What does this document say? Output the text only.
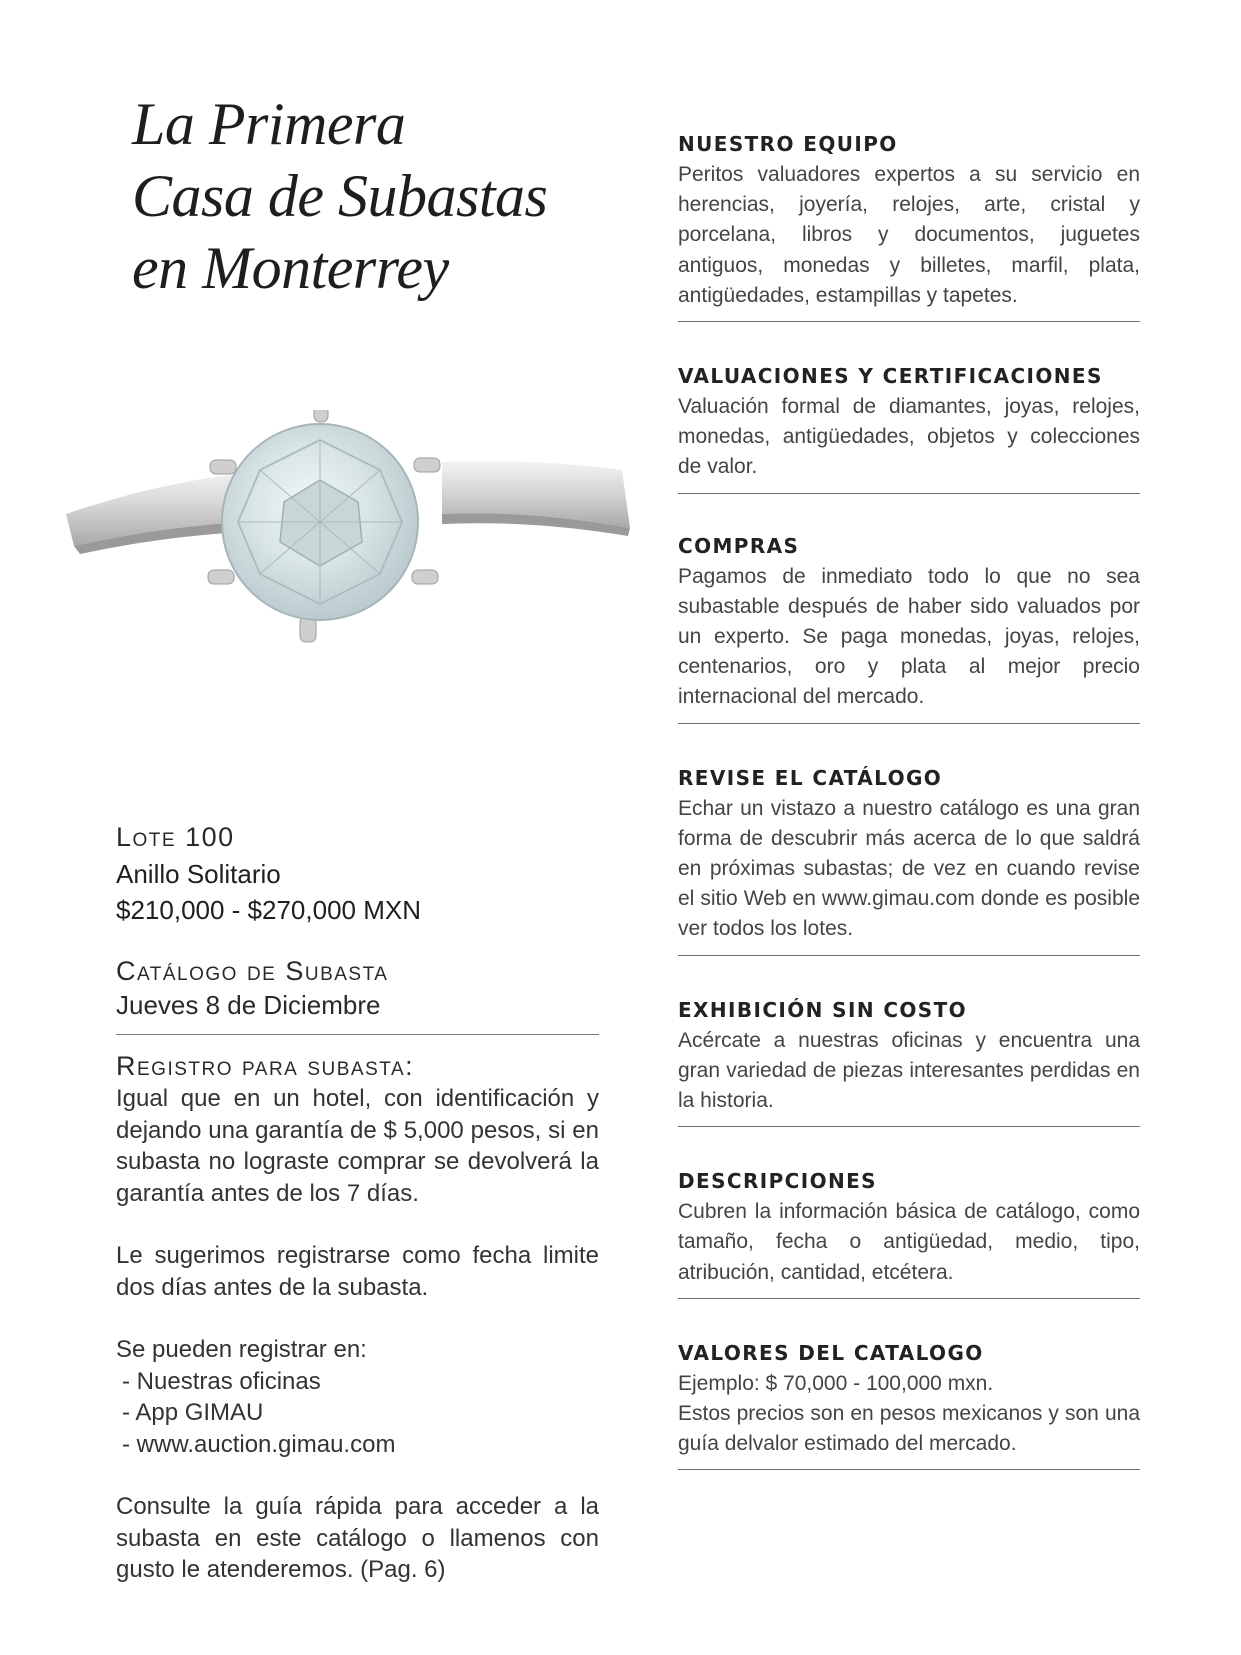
La Primera
Casa de Subastas
en Monterrey
Lote 100
Anillo Solitario
$210,000 - $270,000 MXN
Catálogo de Subasta
Jueves 8 de Diciembre
Registro para subasta:

Igual que en un hotel, con identificación y dejando una garantía de $ 5,000 pesos, si en subasta no lograste comprar se devolverá la garantía antes de los 7 días.

Le sugerimos registrarse como fecha limite dos días antes de la subasta.

Se pueden registrar en:

- Nuestras oficinas

- App GIMAU

- www.auction.gimau.com

Consulte la guía rápida para acceder a la subasta en este catálogo o llamenos con gusto le atenderemos. (Pag. 6)

NUESTRO EQUIPO

Peritos valuadores expertos a su servicio en herencias, joyería, relojes, arte, cristal y porcelana, libros y documentos, juguetes antiguos, monedas y billetes, marfil, plata, antigüedades, estampillas y tapetes.

VALUACIONES Y CERTIFICACIONES

Valuación formal de diamantes, joyas, relojes, monedas, antigüedades, objetos y colecciones de valor.

COMPRAS

Pagamos de inmediato todo lo que no sea subastable después de haber sido valuados por un experto. Se paga monedas, joyas, relojes, centenarios, oro y plata al mejor precio internacional del mercado.

REVISE EL CATÁLOGO

Echar un vistazo a nuestro catálogo es una gran forma de descubrir más acerca de lo que saldrá en próximas subastas; de vez en cuando revise el sitio Web en www.gimau.com donde es posible ver todos los lotes.

EXHIBICIÓN SIN COSTO

Acércate a nuestras oficinas y encuentra una gran variedad de piezas interesantes perdidas en la historia.

DESCRIPCIONES

Cubren la información básica de catálogo, como tamaño, fecha o antigüedad, medio, tipo, atribución, cantidad, etcétera.

VALORES DEL CATALOGO

Ejemplo: $ 70,000 - 100,000 mxn.

Estos precios son en pesos mexicanos y son una guía delvalor estimado del mercado.
